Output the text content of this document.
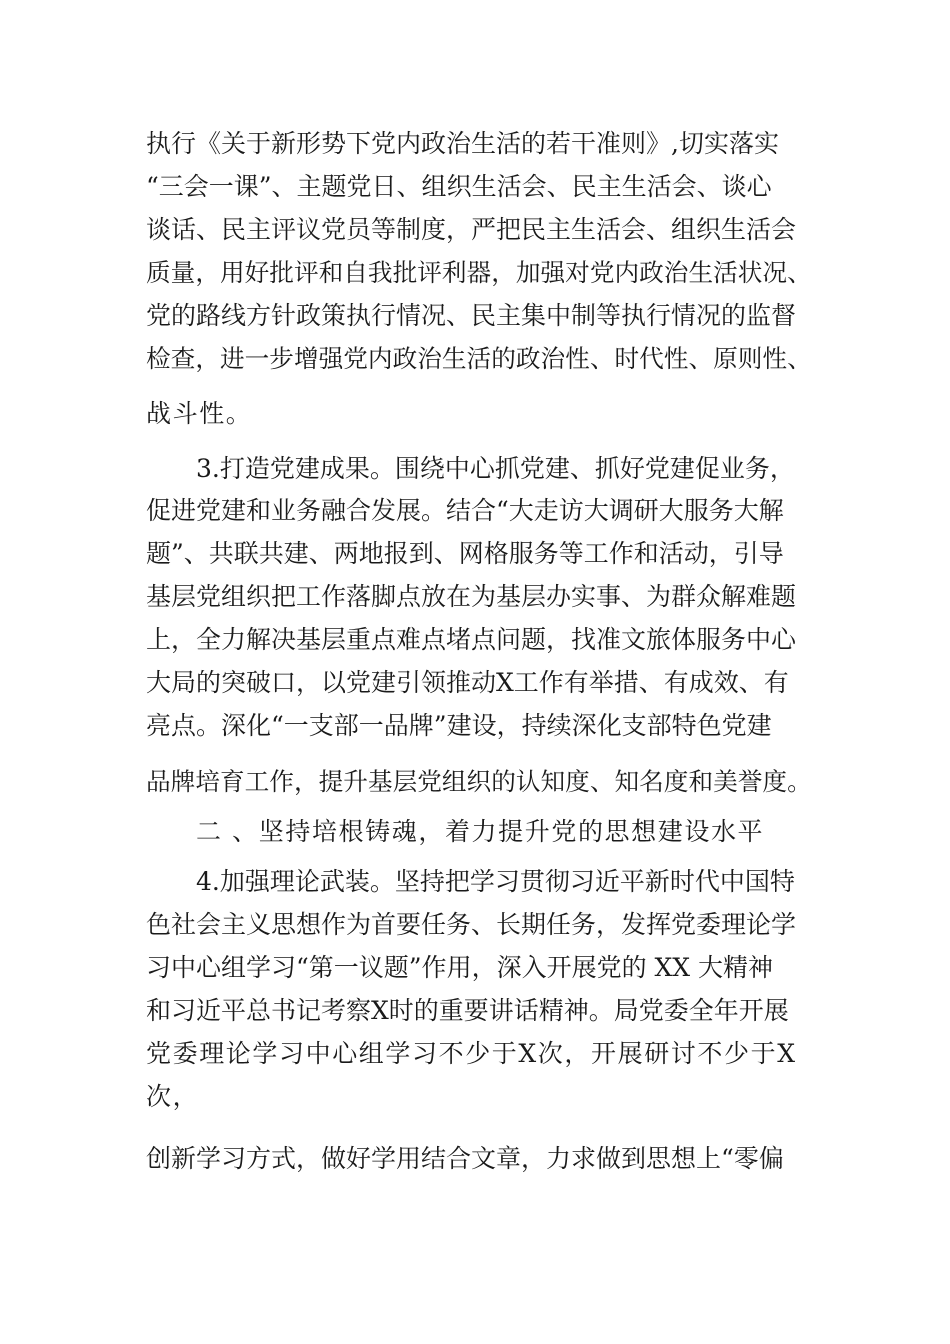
执行《关于新形势下党内政治生活的若干准则》,切实落实
“三会一课”、主题党日、组织生活会、民主生活会、谈心
谈话、民主评议党员等制度，严把民主生活会、组织生活会
质量，用好批评和自我批评利器，加强对党内政治生活状况、
党的路线方针政策执行情况、民主集中制等执行情况的监督
检查，进一步增强党内政治生活的政治性、时代性、原则性、
战斗性。
3.打造党建成果。围绕中心抓党建、抓好党建促业务，
促进党建和业务融合发展。结合“大走访大调研大服务大解
题”、共联共建、两地报到、网格服务等工作和活动，引导
基层党组织把工作落脚点放在为基层办实事、为群众解难题
上，全力解决基层重点难点堵点问题，找准文旅体服务中心
大局的突破口，以党建引领推动X工作有举措、有成效、有
亮点。深化“一支部一品牌”建设，持续深化支部特色党建
品牌培育工作，提升基层党组织的认知度、知名度和美誉度。
二 、坚持培根铸魂，着力提升党的思想建设水平
4.加强理论武装。坚持把学习贯彻习近平新时代中国特
色社会主义思想作为首要任务、长期任务，发挥党委理论学
习中心组学习“第一议题”作用，深入开展党的 XX 大精神
和习近平总书记考察X时的重要讲话精神。局党委全年开展
党委理论学习中心组学习不少于X次，开展研讨不少于X
次，
创新学习方式，做好学用结合文章，力求做到思想上“零偏
